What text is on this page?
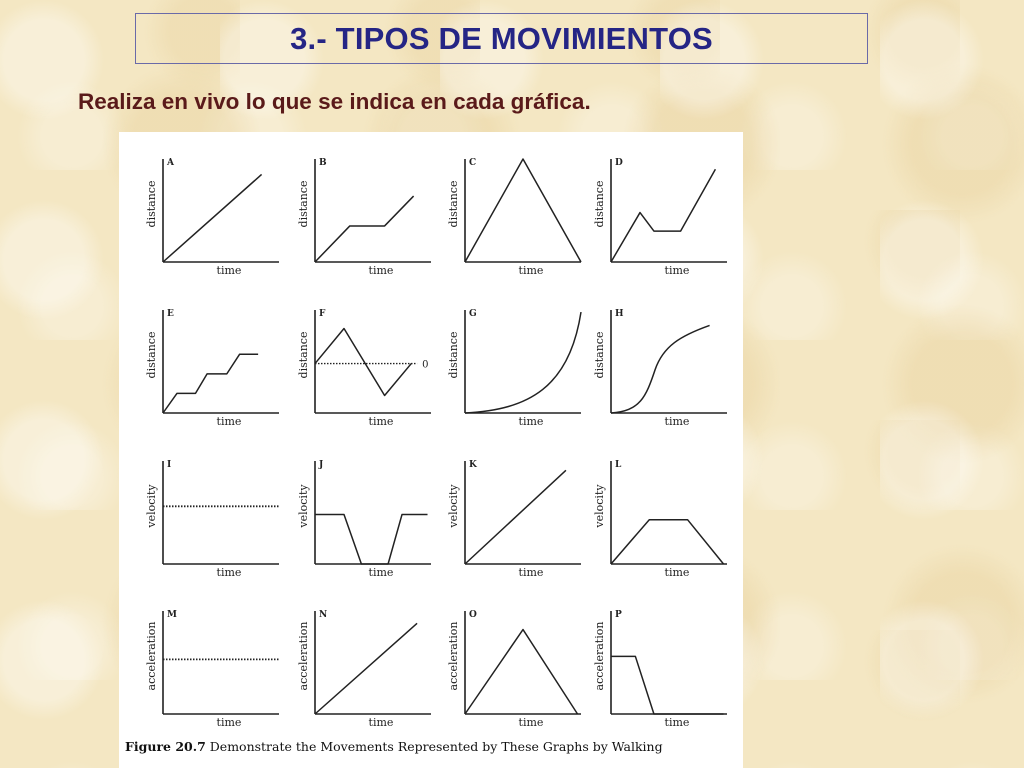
3.- TIPOS DE MOVIMIENTOS
Realiza en vivo lo que se indica en cada gráfica.
A
distance
time
B
distance
time
C
distance
time
D
distance
time
E
distance
time
F
distance
time
0
G
distance
time
H
distance
time
I
velocity
time
J
velocity
time
K
velocity
time
L
velocity
time
M
acceleration
time
N
acceleration
time
O
acceleration
time
P
acceleration
time
Figure 20.7 Demonstrate the Movements Represented by These Graphs by Walking
